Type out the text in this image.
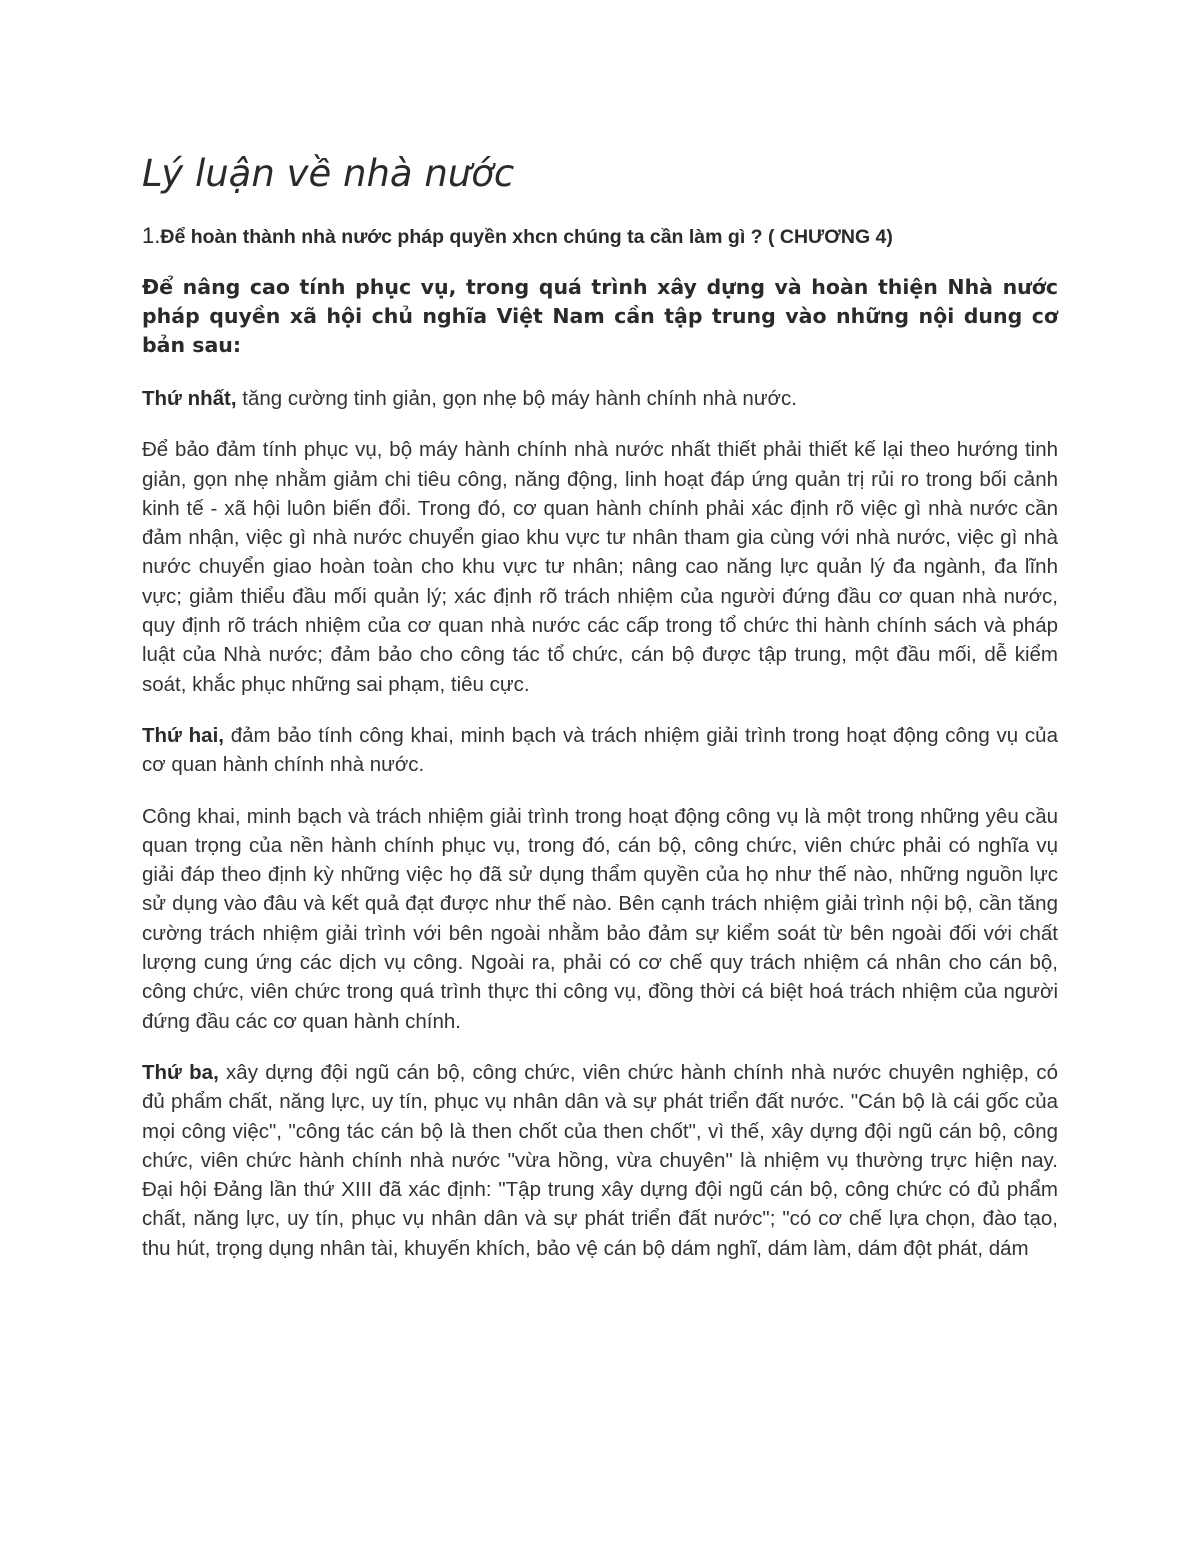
Lý luận về nhà nước

1.Để hoàn thành nhà nước pháp quyền xhcn chúng ta cần làm gì ? ( CHƯƠNG 4)

Để nâng cao tính phục vụ, trong quá trình xây dựng và hoàn thiện Nhà nước pháp quyền xã hội chủ nghĩa Việt Nam cần tập trung vào những nội dung cơ bản sau:

Thứ nhất, tăng cường tinh giản, gọn nhẹ bộ máy hành chính nhà nước.

Để bảo đảm tính phục vụ, bộ máy hành chính nhà nước nhất thiết phải thiết kế lại theo hướng tinh giản, gọn nhẹ nhằm giảm chi tiêu công, năng động, linh hoạt đáp ứng quản trị rủi ro trong bối cảnh kinh tế - xã hội luôn biến đổi. Trong đó, cơ quan hành chính phải xác định rõ việc gì nhà nước cần đảm nhận, việc gì nhà nước chuyển giao khu vực tư nhân tham gia cùng với nhà nước, việc gì nhà nước chuyển giao hoàn toàn cho khu vực tư nhân; nâng cao năng lực quản lý đa ngành, đa lĩnh vực; giảm thiểu đầu mối quản lý; xác định rõ trách nhiệm của người đứng đầu cơ quan nhà nước, quy định rõ trách nhiệm của cơ quan nhà nước các cấp trong tổ chức thi hành chính sách và pháp luật của Nhà nước; đảm bảo cho công tác tổ chức, cán bộ được tập trung, một đầu mối, dễ kiểm soát, khắc phục những sai phạm, tiêu cực.

Thứ hai, đảm bảo tính công khai, minh bạch và trách nhiệm giải trình trong hoạt động công vụ của cơ quan hành chính nhà nước.

Công khai, minh bạch và trách nhiệm giải trình trong hoạt động công vụ là một trong những yêu cầu quan trọng của nền hành chính phục vụ, trong đó, cán bộ, công chức, viên chức phải có nghĩa vụ giải đáp theo định kỳ những việc họ đã sử dụng thẩm quyền của họ như thế nào, những nguồn lực sử dụng vào đâu và kết quả đạt được như thế nào. Bên cạnh trách nhiệm giải trình nội bộ, cần tăng cường trách nhiệm giải trình với bên ngoài nhằm bảo đảm sự kiểm soát từ bên ngoài đối với chất lượng cung ứng các dịch vụ công. Ngoài ra, phải có cơ chế quy trách nhiệm cá nhân cho cán bộ, công chức, viên chức trong quá trình thực thi công vụ, đồng thời cá biệt hoá trách nhiệm của người đứng đầu các cơ quan hành chính.

Thứ ba, xây dựng đội ngũ cán bộ, công chức, viên chức hành chính nhà nước chuyên nghiệp, có đủ phẩm chất, năng lực, uy tín, phục vụ nhân dân và sự phát triển đất nước. "Cán bộ là cái gốc của mọi công việc", "công tác cán bộ là then chốt của then chốt", vì thế, xây dựng đội ngũ cán bộ, công chức, viên chức hành chính nhà nước "vừa hồng, vừa chuyên" là nhiệm vụ thường trực hiện nay. Đại hội Đảng lần thứ XIII đã xác định: "Tập trung xây dựng đội ngũ cán bộ, công chức có đủ phẩm chất, năng lực, uy tín, phục vụ nhân dân và sự phát triển đất nước"; "có cơ chế lựa chọn, đào tạo, thu hút, trọng dụng nhân tài, khuyến khích, bảo vệ cán bộ dám nghĩ, dám làm, dám đột phát, dám
